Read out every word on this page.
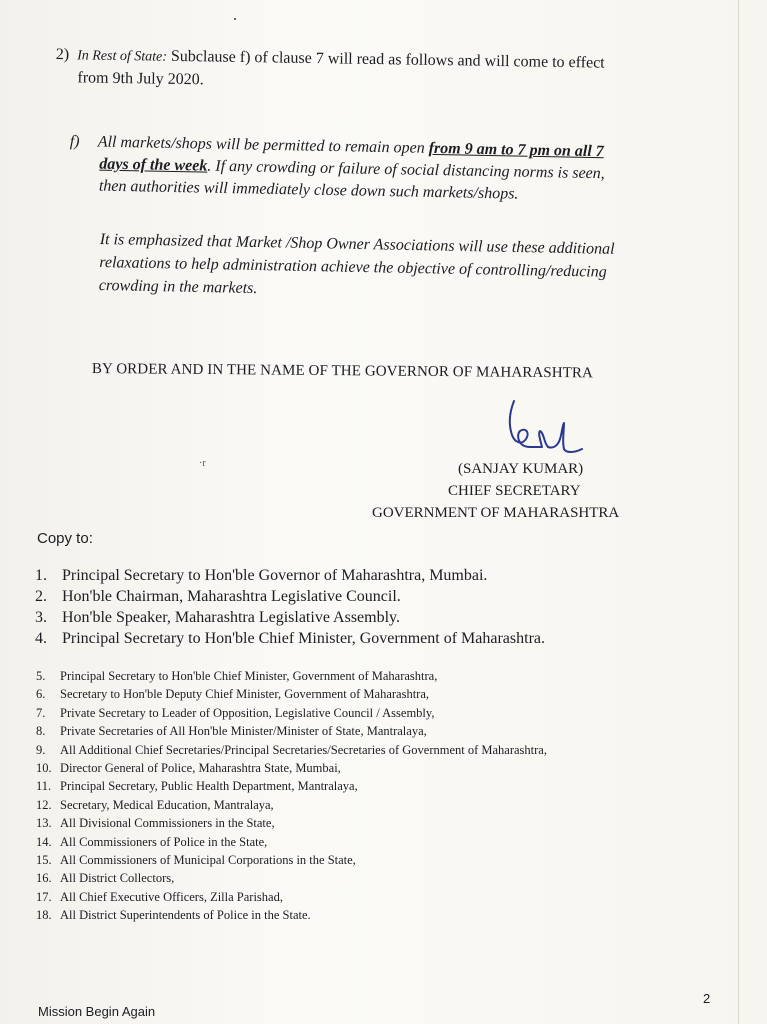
2) In Rest of State: Subclause f) of clause 7 will read as follows and will come to effect
from 9th July 2020.
f) All markets/shops will be permitted to remain open from 9 am to 7 pm on all 7
days of the week. If any crowding or failure of social distancing norms is seen,
then authorities will immediately close down such markets/shops.
It is emphasized that Market /Shop Owner Associations will use these additional
relaxations to help administration achieve the objective of controlling/reducing
crowding in the markets.
BY ORDER AND IN THE NAME OF THE GOVERNOR OF MAHARASHTRA
(SANJAY KUMAR)
CHIEF SECRETARY
GOVERNMENT OF MAHARASHTRA
·r
Copy to:
1. Principal Secretary to Hon'ble Governor of Maharashtra, Mumbai.
2. Hon'ble Chairman, Maharashtra Legislative Council.
3. Hon'ble Speaker, Maharashtra Legislative Assembly.
4. Principal Secretary to Hon'ble Chief Minister, Government of Maharashtra.
5. Principal Secretary to Hon'ble Chief Minister, Government of Maharashtra,
6. Secretary to Hon'ble Deputy Chief Minister, Government of Maharashtra,
7. Private Secretary to Leader of Opposition, Legislative Council / Assembly,
8. Private Secretaries of All Hon'ble Minister/Minister of State, Mantralaya,
9. All Additional Chief Secretaries/Principal Secretaries/Secretaries of Government of Maharashtra,
10. Director General of Police, Maharashtra State, Mumbai,
11. Principal Secretary, Public Health Department, Mantralaya,
12. Secretary, Medical Education, Mantralaya,
13. All Divisional Commissioners in the State,
14. All Commissioners of Police in the State,
15. All Commissioners of Municipal Corporations in the State,
16. All District Collectors,
17. All Chief Executive Officers, Zilla Parishad,
18. All District Superintendents of Police in the State.
Mission Begin Again
2
